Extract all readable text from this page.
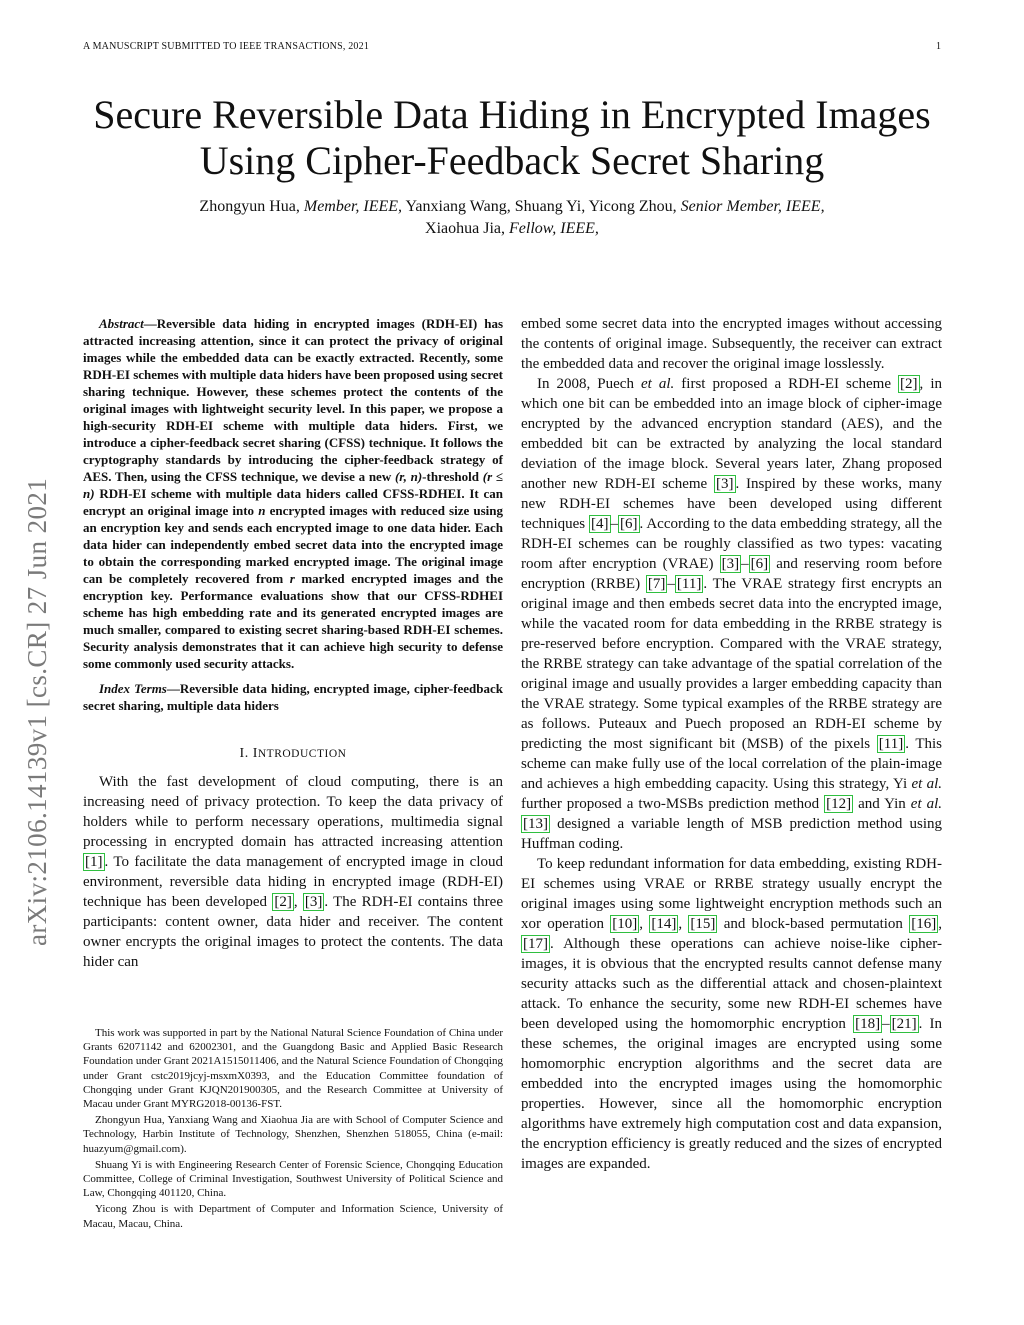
A MANUSCRIPT SUBMITTED TO IEEE TRANSACTIONS, 2021	1
arXiv:2106.14139v1 [cs.CR] 27 Jun 2021
Secure Reversible Data Hiding in Encrypted Images
Using Cipher-Feedback Secret Sharing
Zhongyun Hua, Member, IEEE, Yanxiang Wang, Shuang Yi, Yicong Zhou, Senior Member, IEEE,
Xiaohua Jia, Fellow, IEEE,
Abstract—Reversible data hiding in encrypted images (RDH-EI) has attracted increasing attention, since it can protect the privacy of original images while the embedded data can be exactly extracted. Recently, some RDH-EI schemes with multiple data hiders have been proposed using secret sharing technique. However, these schemes protect the contents of the original images with lightweight security level. In this paper, we propose a high-security RDH-EI scheme with multiple data hiders. First, we introduce a cipher-feedback secret sharing (CFSS) technique. It follows the cryptography standards by introducing the cipher-feedback strategy of AES. Then, using the CFSS technique, we devise a new (r, n)-threshold (r ≤ n) RDH-EI scheme with multiple data hiders called CFSS-RDHEI. It can encrypt an original image into n encrypted images with reduced size using an encryption key and sends each encrypted image to one data hider. Each data hider can independently embed secret data into the encrypted image to obtain the corresponding marked encrypted image. The original image can be completely recovered from r marked encrypted images and the encryption key. Performance evaluations show that our CFSS-RDHEI scheme has high embedding rate and its generated encrypted images are much smaller, compared to existing secret sharing-based RDH-EI schemes. Security analysis demonstrates that it can achieve high security to defense some commonly used security attacks.
Index Terms—Reversible data hiding, encrypted image, cipher-feedback secret sharing, multiple data hiders
I. INTRODUCTION

With the fast development of cloud computing, there is an increasing need of privacy protection. To keep the data privacy of holders while to perform necessary operations, multimedia signal processing in encrypted domain has attracted increasing attention [1] . To facilitate the data management of encrypted image in cloud environment, reversible data hiding in encrypted image (RDH-EI) technique has been developed [2] , [3] . The RDH-EI contains three participants: content owner, data hider and receiver. The content owner encrypts the original images to protect the contents. The data hider can

This work was supported in part by the National Natural Science Foundation of China under Grants 62071142 and 62002301, and the Guangdong Basic and Applied Basic Research Foundation under Grant 2021A1515011406, and the Natural Science Foundation of Chongqing under Grant cstc2019jcyj-msxmX0393, and the Education Committee foundation of Chongqing under Grant KJQN201900305, and the Research Committee at University of Macau under Grant MYRG2018-00136-FST.

Zhongyun Hua, Yanxiang Wang and Xiaohua Jia are with School of Computer Science and Technology, Harbin Institute of Technology, Shenzhen, Shenzhen 518055, China (e-mail: huazyum@gmail.com).

Shuang Yi is with Engineering Research Center of Forensic Science, Chongqing Education Committee, College of Criminal Investigation, Southwest University of Political Science and Law, Chongqing 401120, China.

Yicong Zhou is with Department of Computer and Information Science, University of Macau, Macau, China.

embed some secret data into the encrypted images without accessing the contents of original image. Subsequently, the receiver can extract the embedded data and recover the original image losslessly.

In 2008, Puech et al. first proposed a RDH-EI scheme [2] , in which one bit can be embedded into an image block of cipher-image encrypted by the advanced encryption standard (AES), and the embedded bit can be extracted by analyzing the local standard deviation of the image block. Several years later, Zhang proposed another new RDH-EI scheme [3] . Inspired by these works, many new RDH-EI schemes have been developed using different techniques [4] – [6] . According to the data embedding strategy, all the RDH-EI schemes can be roughly classified as two types: vacating room after encryption (VRAE) [3] – [6] and reserving room before encryption (RRBE) [7] – [11] . The VRAE strategy first encrypts an original image and then embeds secret data into the encrypted image, while the vacated room for data embedding in the RRBE strategy is pre-reserved before encryption. Compared with the VRAE strategy, the RRBE strategy can take advantage of the spatial correlation of the original image and usually provides a larger embedding capacity than the VRAE strategy. Some typical examples of the RRBE strategy are as follows. Puteaux and Puech proposed an RDH-EI scheme by predicting the most significant bit (MSB) of the pixels [11] . This scheme can make fully use of the local correlation of the plain-image and achieves a high embedding capacity. Using this strategy, Yi et al. further proposed a two-MSBs prediction method [12] and Yin et al. [13] designed a variable length of MSB prediction method using Huffman coding.

To keep redundant information for data embedding, existing RDH-EI schemes using VRAE or RRBE strategy usually encrypt the original images using some lightweight encryption methods such an xor operation [10] , [14] , [15] and block-based permutation [16] , [17] . Although these operations can achieve noise-like cipher-images, it is obvious that the encrypted results cannot defense many security attacks such as the differential attack and chosen-plaintext attack. To enhance the security, some new RDH-EI schemes have been developed using the homomorphic encryption [18] – [21] . In these schemes, the original images are encrypted using some homomorphic encryption algorithms and the secret data are embedded into the encrypted images using the homomorphic properties. However, since all the homomorphic encryption algorithms have extremely high computation cost and data expansion, the encryption efficiency is greatly reduced and the sizes of encrypted images are expanded.
